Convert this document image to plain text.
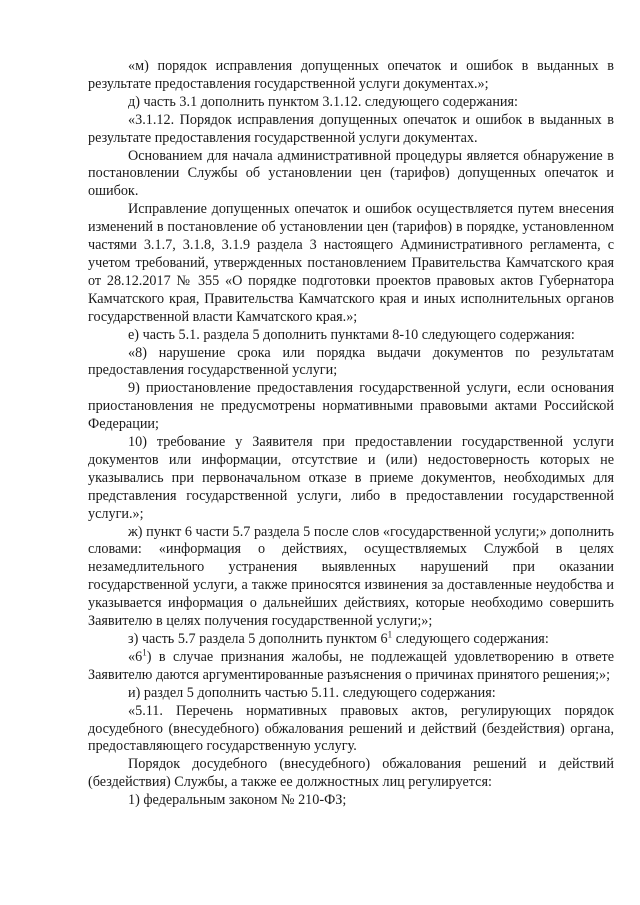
«м) порядок исправления допущенных опечаток и ошибок в выданных в результате предоставления государственной услуги документах.»;

д) часть 3.1 дополнить пунктом 3.1.12. следующего содержания:

«3.1.12. Порядок исправления допущенных опечаток и ошибок в выданных в результате предоставления государственной услуги документах.

Основанием для начала административной процедуры является обнаружение в постановлении Службы об установлении цен (тарифов) допущенных опечаток и ошибок.

Исправление допущенных опечаток и ошибок осуществляется путем внесения изменений в постановление об установлении цен (тарифов) в порядке, установленном частями 3.1.7, 3.1.8, 3.1.9 раздела 3 настоящего Административного регламента, с учетом требований, утвержденных постановлением Правительства Камчатского края от 28.12.2017 № 355 «О порядке подготовки проектов правовых актов Губернатора Камчатского края, Правительства Камчатского края и иных исполнительных органов государственной власти Камчатского края.»;

е) часть 5.1. раздела 5 дополнить пунктами 8-10 следующего содержания:

«8) нарушение срока или порядка выдачи документов по результатам предоставления государственной услуги;

9) приостановление предоставления государственной услуги, если основания приостановления не предусмотрены нормативными правовыми актами Российской Федерации;

10) требование у Заявителя при предоставлении государственной услуги документов или информации, отсутствие и (или) недостоверность которых не указывались при первоначальном отказе в приеме документов, необходимых для представления государственной услуги, либо в предоставлении государственной услуги.»;

ж) пункт 6 части 5.7 раздела 5 после слов «государственной услуги;» дополнить словами: «информация о действиях, осуществляемых Службой в целях незамедлительного устранения выявленных нарушений при оказании государственной услуги, а также приносятся извинения за доставленные неудобства и указывается информация о дальнейших действиях, которые необходимо совершить Заявителю в целях получения государственной услуги;»;

з) часть 5.7 раздела 5 дополнить пунктом $6^1$ следующего содержания:

«$6^1$) в случае признания жалобы, не подлежащей удовлетворению в ответе Заявителю даются аргументированные разъяснения о причинах принятого решения;»;

и) раздел 5 дополнить частью 5.11. следующего содержания:

«5.11. Перечень нормативных правовых актов, регулирующих порядок досудебного (внесудебного) обжалования решений и действий (бездействия) органа, предоставляющего государственную услугу.

Порядок досудебного (внесудебного) обжалования решений и действий (бездействия) Службы, а также ее должностных лиц регулируется:

1) федеральным законом № 210-ФЗ;
